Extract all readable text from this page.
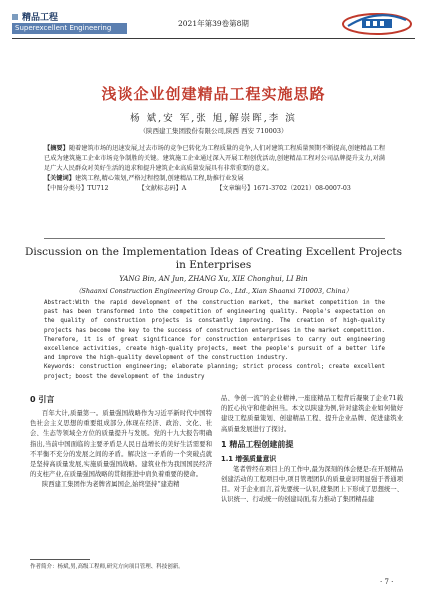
精品工程
Superexcellent Engineering	2021年第39卷第8期
浅谈企业创建精品工程实施思路
杨 斌,安 军,张 旭,解崇晖,李 滨
（陕西建工集团股份有限公司,陕西 西安 710003）

【摘要】随着建筑市场的迅速发展,过去市场的竞争已转化为工程质量的竞争,人们对建筑工程质量预期不断提高,创建精品工程已成为建筑施工企业市场竞争制胜的关键。建筑施工企业通过深入开展工程创优活动,创建精品工程对公司品牌提升支力,对满足广大人民群众对美好生活的追求和提升建筑企业高质量发展具有非常重要的意义。

【关键词】建筑工程,精心策划,严格过程控制,创建精品工程,助推行业发展

【中图分类号】TU712	【文献标志码】A	【文章编号】1671-3702（2021）08-0007-03
Discussion on the Implementation Ideas of Creating Excellent Projects
in Enterprises
YANG Bin, AN Jun, ZHANG Xu, XIE Chonghui, LI Bin
（Shaanxi Construction Engineering Group Co., Ltd., Xian Shaanxi 710003, China）
Abstract:With the rapid development of the construction market, the market competition in the past has been transformed into the competition of engineering quality. People's expectation on the quality of construction projects is constantly improving. The creation of high-quality projects has become the key to the success of construction enterprises in the market competition. Therefore, it is of great significance for construction enterprises to carry out engineering excellence activities, create high-quality projects, meet the people's pursuit of a better life and improve the high-quality development of the construction industry.
Keywords: construction engineering; elaborate planning; strict process control; create excellent project; boost the development of the industry
0 引言

百年大计,质量第一。质量强国战略作为习近平新时代中国特色社会主义思想的重要组成部分,体现在经济、政治、文化、社会、生态等领域全方位的质量提升与发展。党的十九大报告明确指出,当前中国面临的主要矛盾是人民日益增长的美好生活需要和不平衡不充分的发展之间的矛盾。解决这一矛盾的一个突破点就是坚持高质量发展,实施质量强国战略。建筑业作为我国国民经济的支柱产业,在质量强国战略的贯彻推进中肩负着重要的使命。

陕西建工集团作为老牌省属国企,始终坚持“建造精

品、争创一流”的企业精神,一座座精品工程背后凝聚了企业71载的匠心执守和使命担当。本文以陕建为例,针对建筑企业如何做好建设工程质量策划、创建精品工程、提升企业品牌、促进建筑业高质量发展进行了探讨。

1 精品工程创建前提
1.1 增强质量意识

笔者曾经在项目上的工作中,最为深刻的体会便是:在开展精品创建活动的工程项目中,项目管理团队的质量意识明显强于普通项目。对于企业而言,首先要统一认识,使集团上下形成了思想统一、认识统一、行动统一的创建局面,有力推动了集团精品建

作者简介：杨斌,男,高级工程师,研究方向项目管理、科技创新。
· 7 ·
